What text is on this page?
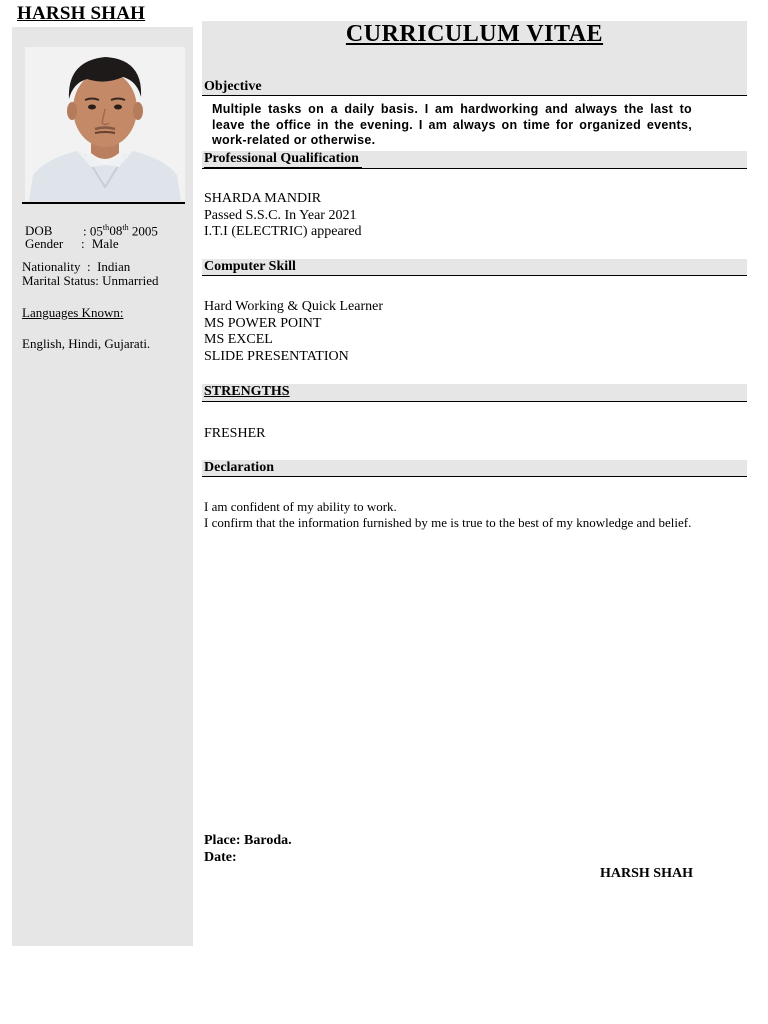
HARSH SHAH
DOB : 05th 08th 2005
Gender : Male
Nationality  :  Indian
Marital Status: Unmarried
Languages Known:
English, Hindi, Gujarati.
CURRICULUM VITAE
Objective
Multiple tasks on a daily basis. I am hardworking and always the last to leave the office in the evening. I am always on time for organized events, work-related or otherwise.
Professional Qualification
SHARDA MANDIR
Passed S.S.C. In Year 2021
I.T.I (ELECTRIC) appeared
Computer Skill
Hard Working & Quick Learner
MS POWER POINT
MS EXCEL
SLIDE PRESENTATION
STRENGTHS
FRESHER
Declaration
I am confident of my ability to work.
I confirm that the information furnished by me is true to the best of my knowledge and belief.
Place: Baroda.
Date:
HARSH SHAH
